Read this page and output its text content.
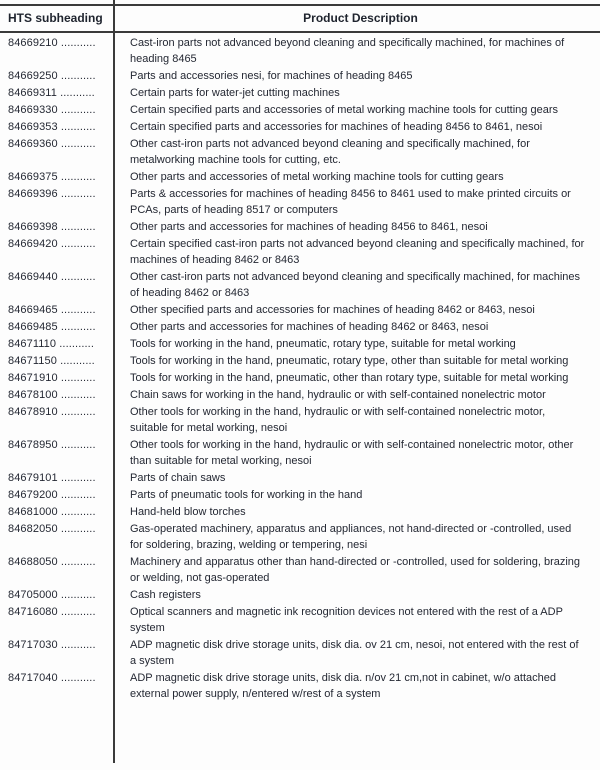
HTS subheading	Product Description
84669210 ...........	Cast-iron parts not advanced beyond cleaning and specifically machined, for machines of heading 8465
84669250 ...........	Parts and accessories nesi, for machines of heading 8465
84669311 ...........	Certain parts for water-jet cutting machines
84669330 ...........	Certain specified parts and accessories of metal working machine tools for cutting gears
84669353 ...........	Certain specified parts and accessories for machines of heading 8456 to 8461, nesoi
84669360 ...........	Other cast-iron parts not advanced beyond cleaning and specifically machined, for metalworking machine tools for cutting, etc.
84669375 ...........	Other parts and accessories of metal working machine tools for cutting gears
84669396 ...........	Parts & accessories for machines of heading 8456 to 8461 used to make printed circuits or PCAs, parts of heading 8517 or computers
84669398 ...........	Other parts and accessories for machines of heading 8456 to 8461, nesoi
84669420 ...........	Certain specified cast-iron parts not advanced beyond cleaning and specifically machined, for machines of heading 8462 or 8463
84669440 ...........	Other cast-iron parts not advanced beyond cleaning and specifically machined, for machines of heading 8462 or 8463
84669465 ...........	Other specified parts and accessories for machines of heading 8462 or 8463, nesoi
84669485 ...........	Other parts and accessories for machines of heading 8462 or 8463, nesoi
84671110 ...........	Tools for working in the hand, pneumatic, rotary type, suitable for metal working
84671150 ...........	Tools for working in the hand, pneumatic, rotary type, other than suitable for metal working
84671910 ...........	Tools for working in the hand, pneumatic, other than rotary type, suitable for metal working
84678100 ...........	Chain saws for working in the hand, hydraulic or with self-contained nonelectric motor
84678910 ...........	Other tools for working in the hand, hydraulic or with self-contained nonelectric motor, suitable for metal working, nesoi
84678950 ...........	Other tools for working in the hand, hydraulic or with self-contained nonelectric motor, other than suitable for metal working, nesoi
84679101 ...........	Parts of chain saws
84679200 ...........	Parts of pneumatic tools for working in the hand
84681000 ...........	Hand-held blow torches
84682050 ...........	Gas-operated machinery, apparatus and appliances, not hand-directed or -controlled, used for soldering, brazing, welding or tempering, nesi
84688050 ...........	Machinery and apparatus other than hand-directed or -controlled, used for soldering, brazing or welding, not gas-operated
84705000 ...........	Cash registers
84716080 ...........	Optical scanners and magnetic ink recognition devices not entered with the rest of a ADP system
84717030 ...........	ADP magnetic disk drive storage units, disk dia. ov 21 cm, nesoi, not entered with the rest of a system
84717040 ...........	ADP magnetic disk drive storage units, disk dia. n/ov 21 cm,not in cabinet, w/o attached external power supply, n/entered w/rest of a system
